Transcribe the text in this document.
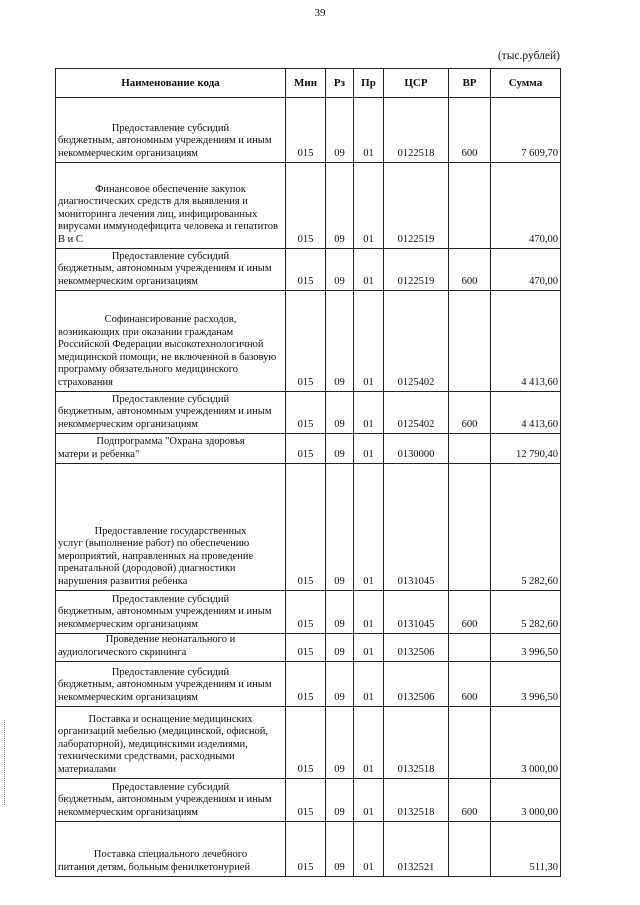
39
(тыс.рублей)
Наименование кода	Мин	Рз	Пр	ЦСР	ВР	Сумма

Предоставление субсидий
бюджетным, автономным учреждениям и иным некоммерческим организациям	015	09	01	0122518	600	7 609,70

Финансовое обеспечение закупок
диагностических средств для выявления и мониторинга лечения лиц, инфицированных вирусами иммунодефицита человека и гепатитов В и С	015	09	01	0122519		470,00

Предоставление субсидий
бюджетным, автономным учреждениям и иным некоммерческим организациям	015	09	01	0122519	600	470,00

Софинансирование расходов,
возникающих при оказании гражданам Российской Федерации высокотехнологичной медицинской помощи, не включенной в базовую программу обязательного медицинского страхования	015	09	01	0125402		4 413,60

Предоставление субсидий
бюджетным, автономным учреждениям и иным некоммерческим организациям	015	09	01	0125402	600	4 413,60

Подпрограмма "Охрана здоровья
матери и ребенка"	015	09	01	0130000		12 790,40

Предоставление государственных
услуг (выполнение работ) по обеспечению мероприятий, направленных на проведение пренатальной (дородовой) диагностики нарушения развития ребенка	015	09	01	0131045		5 282,60

Предоставление субсидий
бюджетным, автономным учреждениям и иным некоммерческим организациям	015	09	01	0131045	600	5 282,60

Проведение неонатального и
аудиологического скрининга	015	09	01	0132506		3 996,50

Предоставление субсидий
бюджетным, автономным учреждениям и иным некоммерческим организациям	015	09	01	0132506	600	3 996,50

Поставка и оснащение медицинских
организаций мебелью (медицинской, офисной, лабораторной), медицинскими изделиями, техническими средствами, расходными материалами	015	09	01	0132518		3 000,00

Предоставление субсидий
бюджетным, автономным учреждениям и иным некоммерческим организациям	015	09	01	0132518	600	3 000,00

Поставка специального лечебного
питания детям, больным фенилкетонурией	015	09	01	0132521		511,30
